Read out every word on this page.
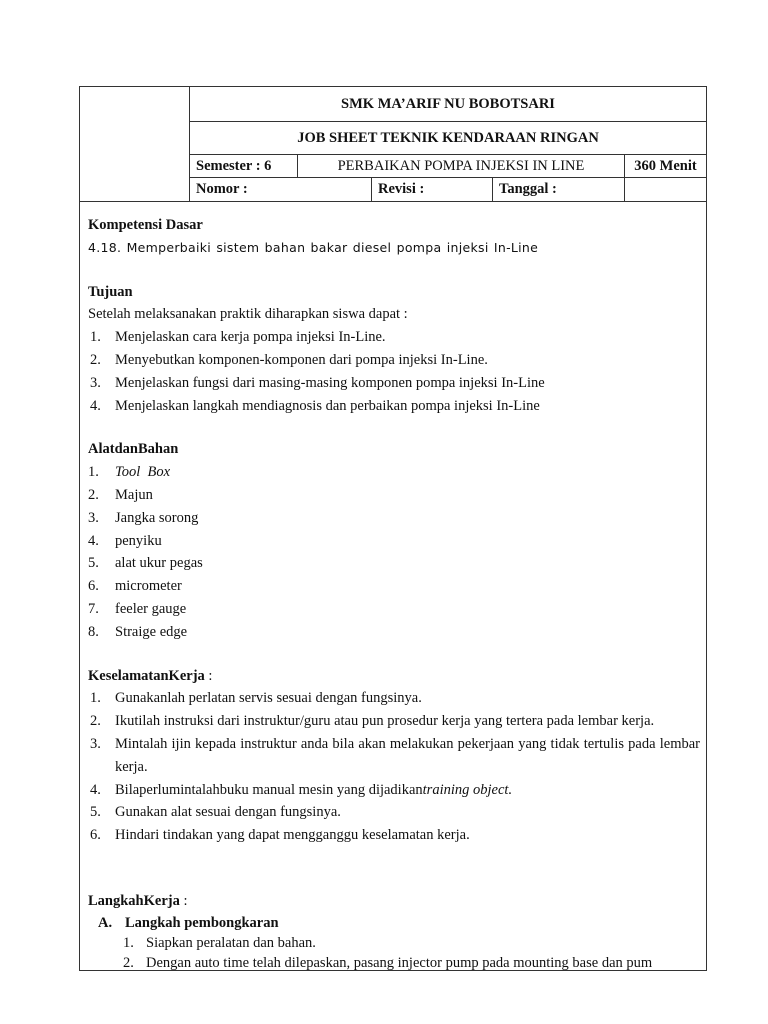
SMK MA’ARIF NU BOBOTSARI
JOB SHEET TEKNIK KENDARAAN RINGAN
Semester : 6	PERBAIKAN POMPA INJEKSI IN LINE	360 Menit
Nomor :	Revisi :	Tanggal :

Kompetensi Dasar

4.18. Memperbaiki sistem bahan bakar diesel pompa injeksi In-Line

Tujuan

Setelah melaksanakan praktik diharapkan siswa dapat :

1. Menjelaskan cara kerja pompa injeksi In-Line.
2. Menyebutkan komponen-komponen dari pompa injeksi In-Line.
3. Menjelaskan fungsi dari masing-masing komponen pompa injeksi In-Line
4. Menjelaskan langkah mendiagnosis dan perbaikan pompa injeksi In-Line

AlatdanBahan

1. Tool  Box
2. Majun
3. Jangka sorong
4. penyiku
5. alat ukur pegas
6. micrometer
7. feeler gauge
8. Straige edge

KeselamatanKerja :

1. Gunakanlah perlatan servis sesuai dengan fungsinya.
2. Ikutilah instruksi dari instruktur/guru atau pun prosedur kerja yang tertera pada lembar kerja.
3. Mintalah ijin kepada instruktur anda bila akan melakukan pekerjaan yang tidak tertulis pada lembar kerja.
4. Bilaperlumintalahbuku manual mesin yang dijadikantraining object.
5. Gunakan alat sesuai dengan fungsinya.
6. Hindari tindakan yang dapat mengganggu keselamatan kerja.

LangkahKerja :

A. Langkah pembongkaran

1. Siapkan peralatan dan bahan.
2. Dengan auto time telah dilepaskan, pasang injector pump pada mounting base dan pum
